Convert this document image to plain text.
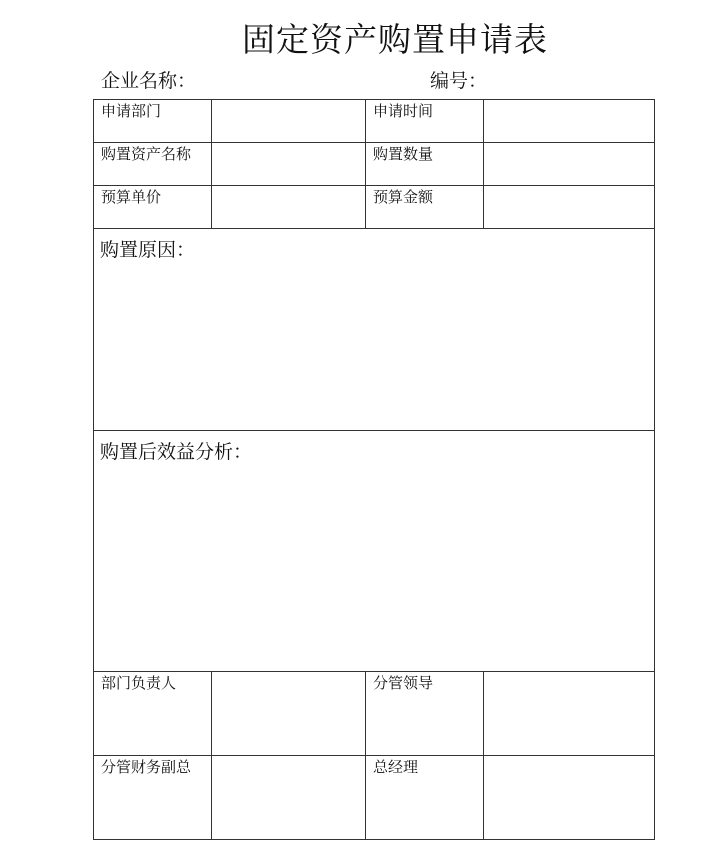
固定资产购置申请表
企业名称：	编号：
申请部门		申请时间	

购置资产名称		购置数量	

预算单价		预算金额	

购置原因：			

购置后效益分析：			

部门负责人		分管领导	

分管财务副总		总经理	
